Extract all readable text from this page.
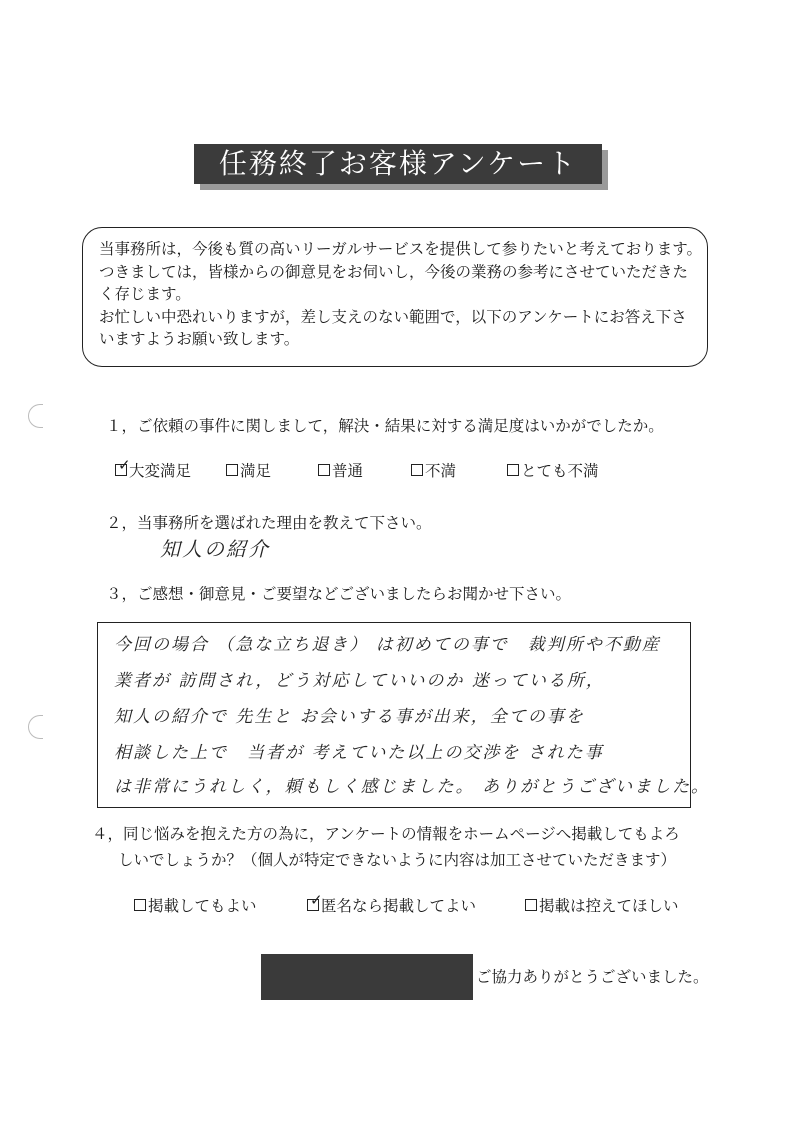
任務終了お客様アンケート
当事務所は，今後も質の高いリーガルサービスを提供して参りたいと考えております。
つきましては，皆様からの御意見をお伺いし，今後の業務の参考にさせていただきた
く存じます。
お忙しい中恐れいりますが，差し支えのない範囲で，以下のアンケートにお答え下さ
いますようお願い致します。
１，ご依頼の事件に関しまして，解決・結果に対する満足度はいかがでしたか。
✓
大変満足	満足	普通	不満	とても不満
２，当事務所を選ばれた理由を教えて下さい。
知人の紹介
３，ご感想・御意見・ご要望などございましたらお聞かせ下さい。
今回の場合 （急な立ち退き） は初めての事で　裁判所や不動産
業者が 訪問され，どう対応していいのか 迷っている所，
知人の紹介で 先生と お会いする事が出来，全ての事を
相談した上で　当者が 考えていた以上の交渉を された事
は非常にうれしく，頼もしく感じました。 ありがとうございました。
４，同じ悩みを抱えた方の為に，アンケートの情報をホームページへ掲載してもよろ
しいでしょうか？（個人が特定できないように内容は加工させていただきます）
掲載してもよい	✓
匿名なら掲載してよい	掲載は控えてほしい
ご協力ありがとうございました。
